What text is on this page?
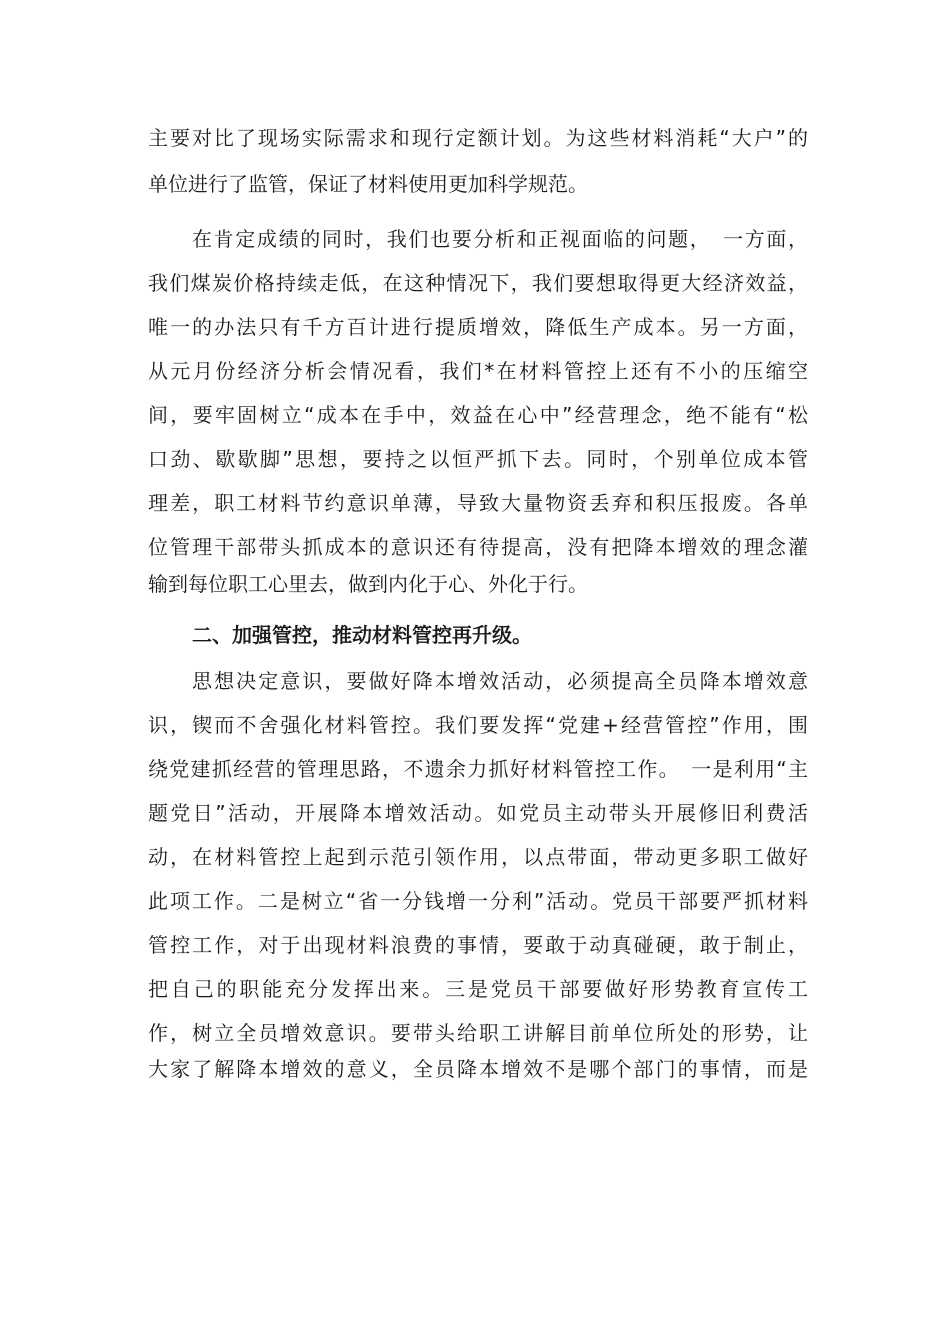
主要对比了现场实际需求和现行定额计划。为这些材料消耗“大户”的
单位进行了监管，保证了材料使用更加科学规范。
在肯定成绩的同时，我们也要分析和正视面临的问题，　一方面，
我们煤炭价格持续走低，在这种情况下，我们要想取得更大经济效益，
唯一的办法只有千方百计进行提质增效，降低生产成本。另一方面，
从元月份经济分析会情况看，我们*在材料管控上还有不小的压缩空
间，要牢固树立“成本在手中，效益在心中”经营理念，绝不能有“松
口劲、歇歇脚”思想，要持之以恒严抓下去。同时，个别单位成本管
理差，职工材料节约意识单薄，导致大量物资丢弃和积压报废。各单
位管理干部带头抓成本的意识还有待提高，没有把降本增效的理念灌
输到每位职工心里去，做到内化于心、外化于行。
二、加强管控，推动材料管控再升级。
思想决定意识，要做好降本增效活动，必须提高全员降本增效意
识，锲而不舍强化材料管控。我们要发挥“党建+经营管控”作用，围
绕党建抓经营的管理思路，不遗余力抓好材料管控工作。　一是利用“主
题党日”活动，开展降本增效活动。如党员主动带头开展修旧利费活
动，在材料管控上起到示范引领作用，以点带面，带动更多职工做好
此项工作。二是树立“省一分钱增一分利”活动。党员干部要严抓材料
管控工作，对于出现材料浪费的事情，要敢于动真碰硬，敢于制止，
把自己的职能充分发挥出来。三是党员干部要做好形势教育宣传工
作，树立全员增效意识。要带头给职工讲解目前单位所处的形势，让
大家了解降本增效的意义，全员降本增效不是哪个部门的事情，而是
